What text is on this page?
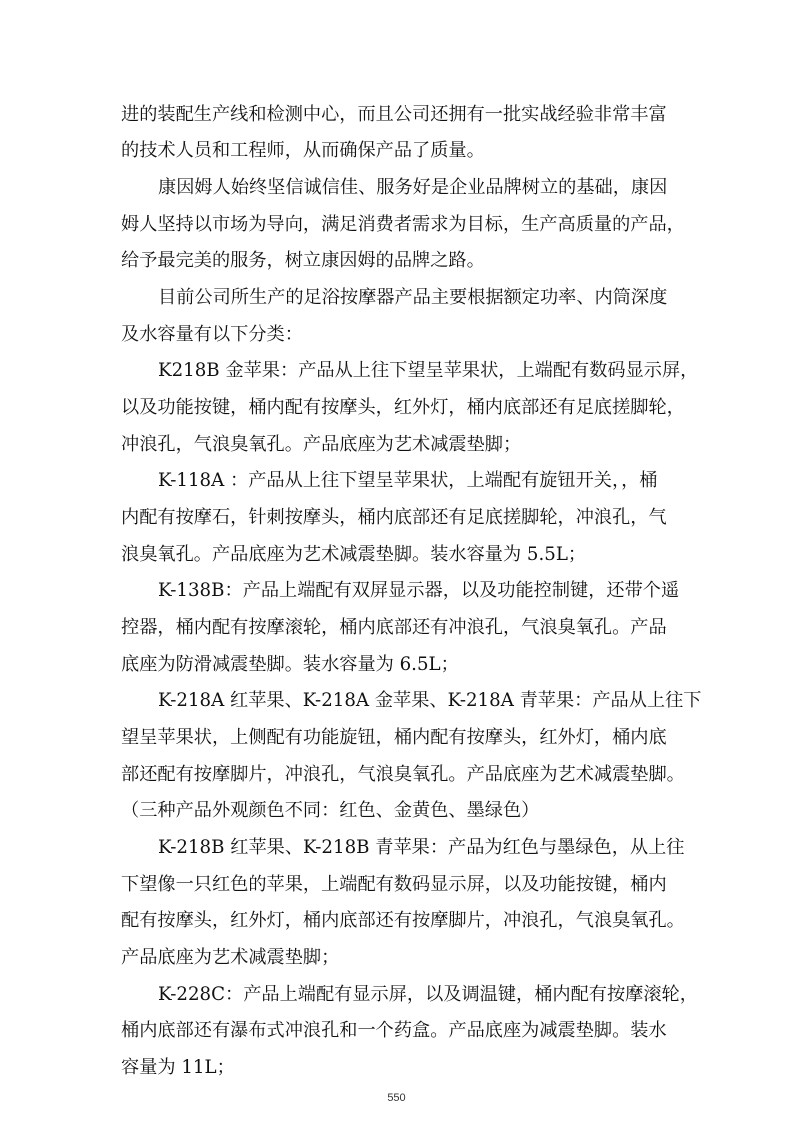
进的装配生产线和检测中心，而且公司还拥有一批实战经验非常丰富
的技术人员和工程师，从而确保产品了质量。
康因姆人始终坚信诚信佳、服务好是企业品牌树立的基础，康因
姆人坚持以市场为导向，满足消费者需求为目标，生产高质量的产品，
给予最完美的服务，树立康因姆的品牌之路。
目前公司所生产的足浴按摩器产品主要根据额定功率、内筒深度
及水容量有以下分类：
K218B 金苹果：产品从上往下望呈苹果状，上端配有数码显示屏，
以及功能按键，桶内配有按摩头，红外灯，桶内底部还有足底搓脚轮，
冲浪孔，气浪臭氧孔。产品底座为艺术减震垫脚；
K-118A ：产品从上往下望呈苹果状，上端配有旋钮开关，，桶
内配有按摩石，针刺按摩头，桶内底部还有足底搓脚轮，冲浪孔，气
浪臭氧孔。产品底座为艺术减震垫脚。装水容量为 5.5L；
K-138B：产品上端配有双屏显示器，以及功能控制键，还带个遥
控器，桶内配有按摩滚轮，桶内底部还有冲浪孔，气浪臭氧孔。产品
底座为防滑减震垫脚。装水容量为 6.5L；
K-218A 红苹果、K-218A 金苹果、K-218A 青苹果：产品从上往下
望呈苹果状，上侧配有功能旋钮，桶内配有按摩头，红外灯，桶内底
部还配有按摩脚片，冲浪孔，气浪臭氧孔。产品底座为艺术减震垫脚。
（三种产品外观颜色不同：红色、金黄色、墨绿色）
K-218B 红苹果、K-218B 青苹果：产品为红色与墨绿色，从上往
下望像一只红色的苹果，上端配有数码显示屏，以及功能按键，桶内
配有按摩头，红外灯，桶内底部还有按摩脚片，冲浪孔，气浪臭氧孔。
产品底座为艺术减震垫脚；
K-228C：产品上端配有显示屏，以及调温键，桶内配有按摩滚轮，
桶内底部还有瀑布式冲浪孔和一个药盒。产品底座为减震垫脚。装水
容量为 11L；
550
